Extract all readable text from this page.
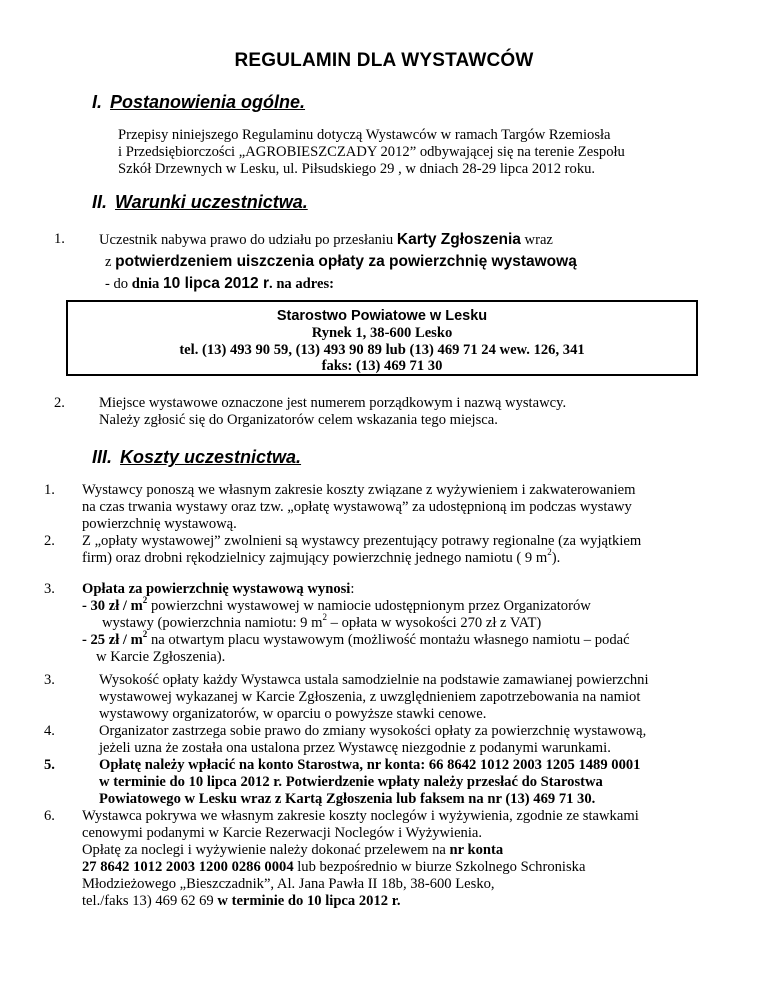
REGULAMIN DLA WYSTAWCÓW
I. Postanowienia ogólne.
Przepisy niniejszego Regulaminu dotyczą Wystawców w ramach Targów Rzemiosła
i Przedsiębiorczości „AGROBIESZCZADY 2012” odbywającej się na terenie Zespołu
Szkół Drzewnych w Lesku, ul. Piłsudskiego 29 , w dniach 28-29 lipca 2012 roku.
II. Warunki uczestnictwa.
1. Uczestnik nabywa prawo do udziału po przesłaniu Karty Zgłoszenia wraz
z potwierdzeniem uiszczenia opłaty za powierzchnię wystawową
- do dnia 10 lipca 2012 r. na adres:
Starostwo Powiatowe w Lesku
Rynek 1, 38-600 Lesko
tel. (13) 493 90 59, (13) 493 90 89 lub (13) 469 71 24 wew. 126, 341
faks: (13) 469 71 30
2. Miejsce wystawowe oznaczone jest numerem porządkowym i nazwą wystawcy.
Należy zgłosić się do Organizatorów celem wskazania tego miejsca.
III. Koszty uczestnictwa.
1. Wystawcy ponoszą we własnym zakresie koszty związane z wyżywieniem i zakwaterowaniem
na czas trwania wystawy oraz tzw. „opłatę wystawową” za udostępnioną im podczas wystawy
powierzchnię wystawową.
2. Z „opłaty wystawowej” zwolnieni są wystawcy prezentujący potrawy regionalne (za wyjątkiem
firm) oraz drobni rękodzielnicy zajmujący powierzchnię jednego namiotu ( 9 $m^2$).
3. Opłata za powierzchnię wystawową wynosi:
- 30 zł / $m^2$ powierzchni wystawowej w namiocie udostępnionym przez Organizatorów
wystawy (powierzchnia namiotu: 9 $m^2$ – opłata w wysokości 270 zł z VAT)
- 25 zł / $m^2$ na otwartym placu wystawowym (możliwość montażu własnego namiotu – podać
w Karcie Zgłoszenia).
3.	Wysokość opłaty każdy Wystawca ustala samodzielnie na podstawie zamawianej powierzchni
wystawowej wykazanej w Karcie Zgłoszenia, z uwzględnieniem zapotrzebowania na namiot
wystawowy organizatorów, w oparciu o powyższe stawki cenowe.
4.	Organizator zastrzega sobie prawo do zmiany wysokości opłaty za powierzchnię wystawową,
jeżeli uzna że została ona ustalona przez Wystawcę niezgodnie z podanymi warunkami.
5.	Opłatę należy wpłacić na konto Starostwa, nr konta: 66 8642 1012 2003 1205 1489 0001
w terminie do 10 lipca 2012 r. Potwierdzenie wpłaty należy przesłać do Starostwa
Powiatowego w Lesku wraz z Kartą Zgłoszenia lub faksem na nr (13) 469 71 30.
6. Wystawca pokrywa we własnym zakresie koszty noclegów i wyżywienia, zgodnie ze stawkami
cenowymi podanymi w Karcie Rezerwacji Noclegów i Wyżywienia.
Opłatę za noclegi i wyżywienie należy dokonać przelewem na nr konta
27 8642 1012 2003 1200 0286 0004 lub bezpośrednio w biurze Szkolnego Schroniska
Młodzieżowego „Bieszczadnik”, Al. Jana Pawła II 18b, 38-600 Lesko,
tel./faks 13) 469 62 69 w terminie do 10 lipca 2012 r.
